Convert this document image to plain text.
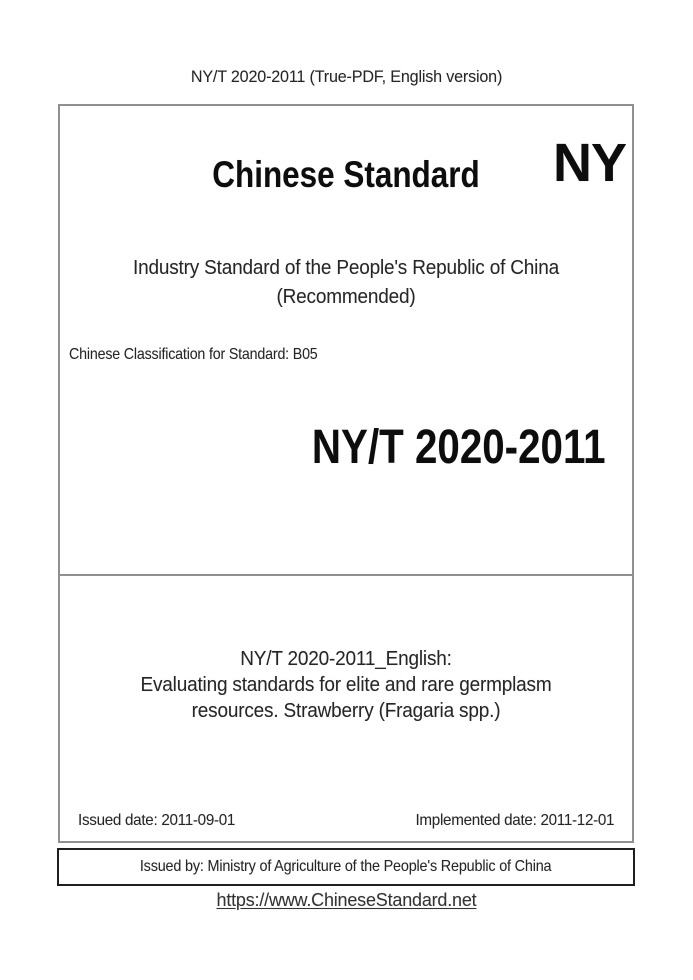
NY/T 2020-2011 (True-PDF, English version)
Chinese Standard	NY
Industry Standard of the People's Republic of China
(Recommended)
Chinese Classification for Standard: B05
NY/T 2020-2011
NY/T 2020-2011_English:
Evaluating standards for elite and rare germplasm
resources. Strawberry (Fragaria spp.)
Issued date: 2011-09-01	Implemented date: 2011-12-01
Issued by: Ministry of Agriculture of the People's Republic of China
https://www.ChineseStandard.net
